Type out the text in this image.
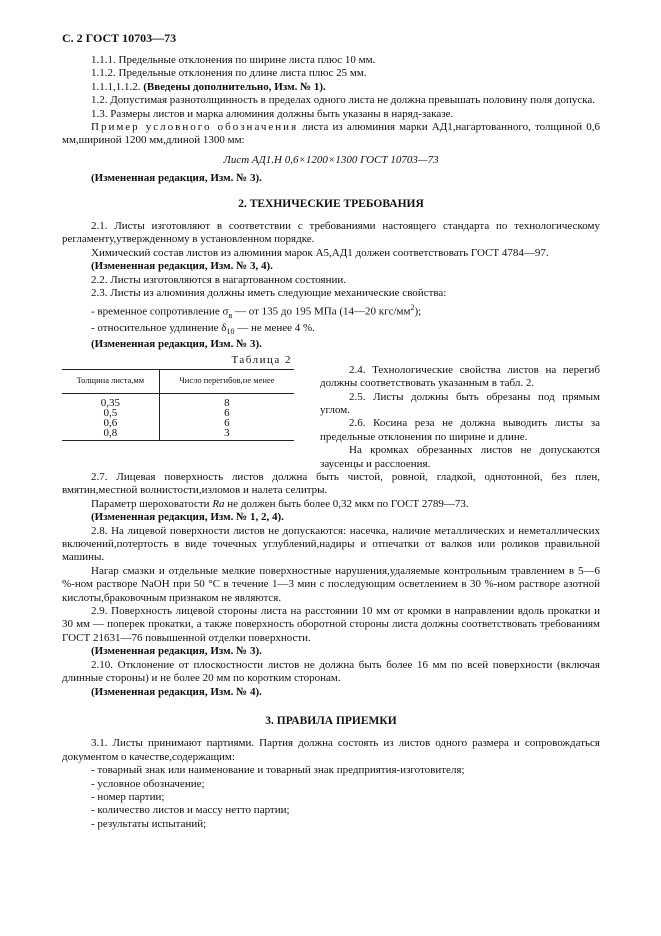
С. 2 ГОСТ 10703—73

1.1.1. Предельные отклонения по ширине листа плюс 10 мм.

1.1.2. Предельные отклонения по длине листа плюс 25 мм.

1.1.1,1.1.2. (Введены дополнительно, Изм. № 1).

1.2. Допустимая разнотолщинность в пределах одного листа не должна превышать половину поля допуска.

1.3. Размеры листов и марка алюминия должны быть указаны в наряд-заказе.

Пример условного обозначения листа из алюминия марки АД1,нагартованного, толщиной 0,6 мм,шириной 1200 мм,длиной 1300 мм:

Лист АД1.Н 0,6×1200×1300 ГОСТ 10703—73

(Измененная редакция, Изм. № 3).

2. ТЕХНИЧЕСКИЕ ТРЕБОВАНИЯ

2.1. Листы изготовляют в соответствии с требованиями настоящего стандарта по технологическому регламенту,утвержденному в установленном порядке.

Химический состав листов из алюминия марок А5,АД1 должен соответствовать ГОСТ 4784—97.

(Измененная редакция, Изм. № 3, 4).

2.2. Листы изготовляются в нагартованном состоянии.

2.3. Листы из алюминия должны иметь следующие механические свойства:

- временное сопротивление $\sigma_в$ — от 135 до 195 МПа (14—20 кгс/$мм^2$);

- относительное удлинение $\delta_{10}$ — не менее 4 %.

(Измененная редакция, Изм. № 3).

Таблица 2
Толщина листа,мм	Число перегибов,не менее
0,35	8
0,5	6
0,6	6
0,8	3

2.4. Технологические свойства листов на перегиб должны соответствовать указанным в табл. 2.

2.5. Листы должны быть обрезаны под прямым углом.

2.6. Косина реза не должна выводить листы за предельные отклонения по ширине и длине.

На кромках обрезанных листов не допускаются заусенцы и расслоения.

2.7. Лицевая поверхность листов должна быть чистой, ровной, гладкой, однотонной, без плен, вмятин,местной волнистости,изломов и налета селитры.

Параметр шероховатости Ra не должен быть более 0,32 мкм по ГОСТ 2789—73.

(Измененная редакция, Изм. № 1, 2, 4).

2.8. На лицевой поверхности листов не допускаются: насечка, наличие металлических и неметаллических включений,потертость в виде точечных углублений,надиры и отпечатки от валков или роликов правильной машины.

Нагар смазки и отдельные мелкие поверхностные нарушения,удаляемые контрольным травлением в 5—6 %-ном растворе NaOH при 50 °С в течение 1—3 мин с последующим осветлением в 30 %-ном растворе азотной кислоты,браковочным признаком не являются.

2.9. Поверхность лицевой стороны листа на расстоянии 10 мм от кромки в направлении вдоль прокатки и 30 мм — поперек прокатки, а также поверхность оборотной стороны листа должны соответствовать требованиям ГОСТ 21631—76 повышенной отделки поверхности.

(Измененная редакция, Изм. № 3).

2.10. Отклонение от плоскостности листов не должна быть более 16 мм по всей поверхности (включая длинные стороны) и не более 20 мм по коротким сторонам.

(Измененная редакция, Изм. № 4).

3. ПРАВИЛА ПРИЕМКИ

3.1. Листы принимают партиями. Партия должна состоять из листов одного размера и сопровождаться документом о качестве,содержащим:

- товарный знак или наименование и товарный знак предприятия-изготовителя;

- условное обозначение;

- номер партии;

- количество листов и массу нетто партии;

- результаты испытаний;
